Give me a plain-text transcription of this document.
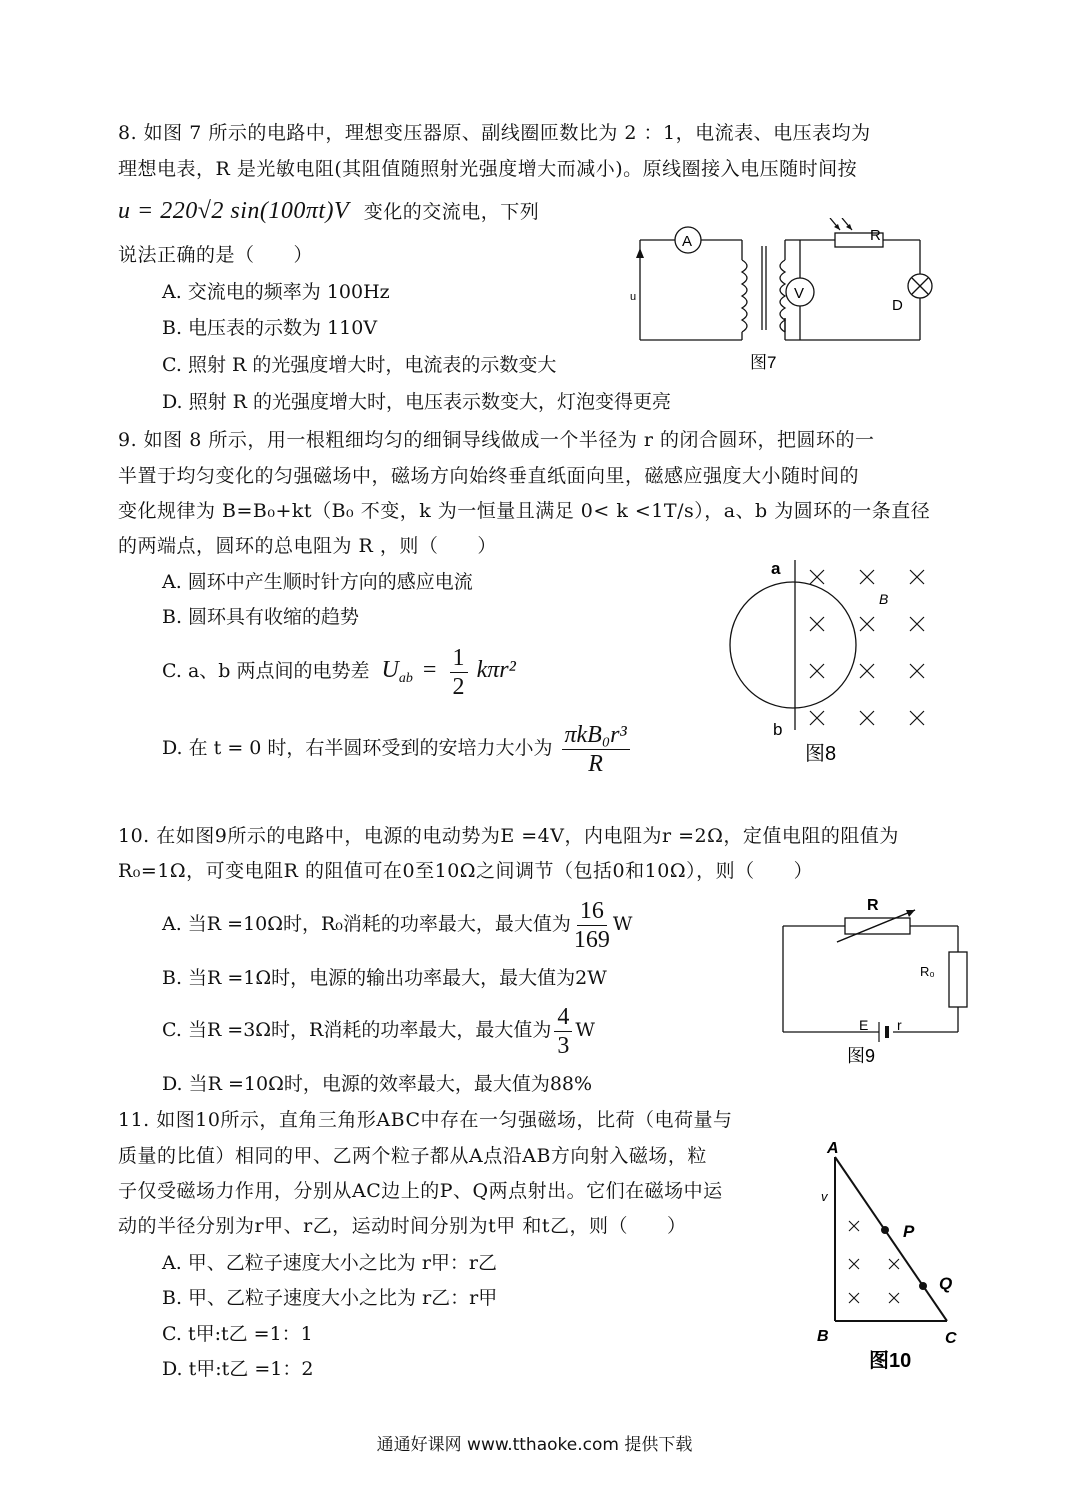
8. 如图 7 所示的电路中，理想变压器原、副线圈匝数比为 2 ：1，电流表、电压表均为
理想电表，R 是光敏电阻(其阻值随照射光强度增大而减小)。原线圈接入电压随时间按
u = 220√2 sin(100πt)V 变化的交流电，下列
说法正确的是（　　）
A. 交流电的频率为 100Hz
B. 电压表的示数为 110V
C. 照射 R 的光强度增大时，电流表的示数变大
D. 照射 R 的光强度增大时，电压表示数变大，灯泡变得更亮
A
V
R
D
u
图7
9. 如图 8 所示，用一根粗细均匀的细铜导线做成一个半径为 r 的闭合圆环，把圆环的一
半置于均匀变化的匀强磁场中，磁场方向始终垂直纸面向里，磁感应强度大小随时间的
变化规律为 B=B₀+kt（B₀ 不变，k 为一恒量且满足 0< k <1T/s），a、b 为圆环的一条直径
的两端点，圆环的总电阻为 R ，则（　　）
A. 圆环中产生顺时针方向的感应电流
B. 圆环具有收缩的趋势
C. a、b 两点间的电势差 $U_{ab} = \frac{1}{2} k\pi r^2$
D. 在 t = 0 时，右半圆环受到的安培力大小为 $\frac{\text{πkB₀r³}}{R}$
a
b
B
图8
10. 在如图9所示的电路中，电源的电动势为E =4V，内电阻为r =2Ω，定值电阻的阻值为
R₀=1Ω，可变电阻R 的阻值可在0至10Ω之间调节（包括0和10Ω），则（　　）
A. 当R =10Ω时，R₀消耗的功率最大，最大值为 $\frac{16}{169}$ W
B. 当R =1Ω时，电源的输出功率最大，最大值为2W
C. 当R =3Ω时，R消耗的功率最大，最大值为 $\frac{4}{3}$ W
D. 当R =10Ω时，电源的效率最大，最大值为88%
R
R₀
E r
图9
11. 如图10所示，直角三角形ABC中存在一匀强磁场，比荷（电荷量与
质量的比值）相同的甲、乙两个粒子都从A点沿AB方向射入磁场，粒
子仅受磁场力作用，分别从AC边上的P、Q两点射出。它们在磁场中运
动的半径分别为r甲、r乙，运动时间分别为t甲 和t乙，则（　　）
A. 甲、乙粒子速度大小之比为 r甲：r乙
B. 甲、乙粒子速度大小之比为 r乙：r甲
C. t甲:t乙 =1：1
D. t甲:t乙 =1：2
A
B	C
P
Q
v
图10
通通好课网 www.tthaoke.com 提供下载
